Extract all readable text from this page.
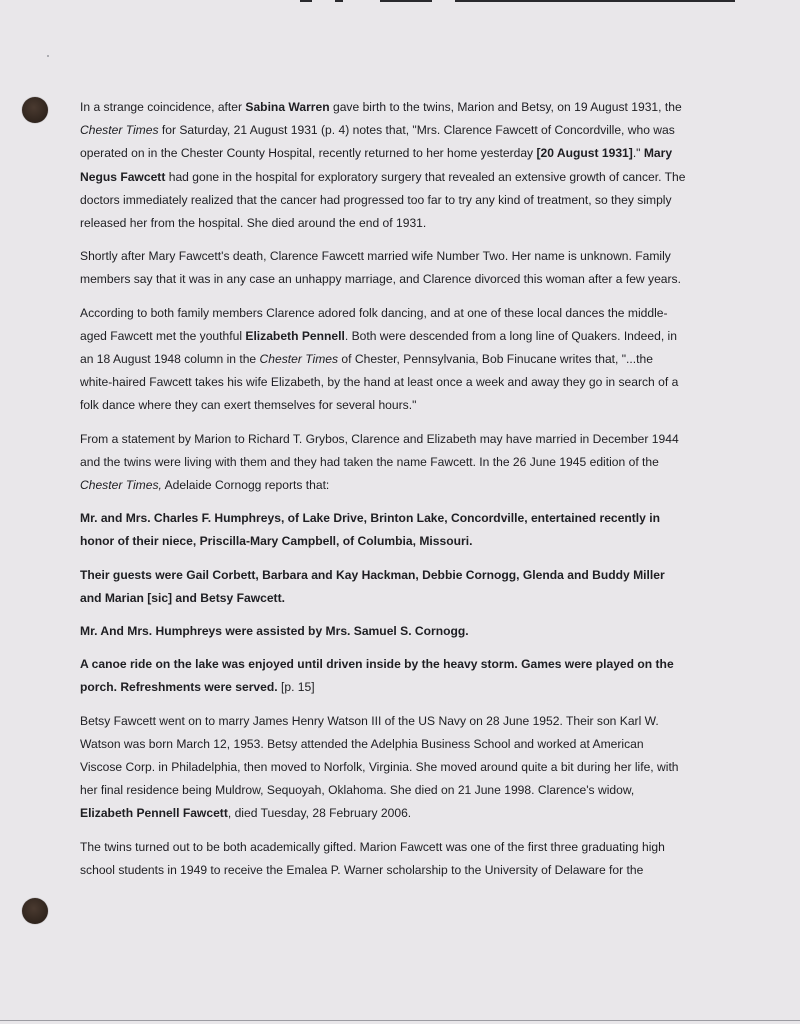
In a strange coincidence, after Sabina Warren gave birth to the twins, Marion and Betsy, on 19 August 1931, the Chester Times for Saturday, 21 August 1931 (p. 4) notes that, "Mrs. Clarence Fawcett of Concordville, who was operated on in the Chester County Hospital, recently returned to her home yesterday [20 August 1931]." Mary Negus Fawcett had gone in the hospital for exploratory surgery that revealed an extensive growth of cancer. The doctors immediately realized that the cancer had progressed too far to try any kind of treatment, so they simply released her from the hospital. She died around the end of 1931.

Shortly after Mary Fawcett's death, Clarence Fawcett married wife Number Two. Her name is unknown. Family members say that it was in any case an unhappy marriage, and Clarence divorced this woman after a few years.

According to both family members Clarence adored folk dancing, and at one of these local dances the middle-aged Fawcett met the youthful Elizabeth Pennell. Both were descended from a long line of Quakers. Indeed, in an 18 August 1948 column in the Chester Times of Chester, Pennsylvania, Bob Finucane writes that, "...the white-haired Fawcett takes his wife Elizabeth, by the hand at least once a week and away they go in search of a folk dance where they can exert themselves for several hours."

From a statement by Marion to Richard T. Grybos, Clarence and Elizabeth may have married in December 1944 and the twins were living with them and they had taken the name Fawcett. In the 26 June 1945 edition of the Chester Times, Adelaide Cornogg reports that:

Mr. and Mrs. Charles F. Humphreys, of Lake Drive, Brinton Lake, Concordville, entertained recently in honor of their niece, Priscilla-Mary Campbell, of Columbia, Missouri.

Their guests were Gail Corbett, Barbara and Kay Hackman, Debbie Cornogg, Glenda and Buddy Miller and Marian [sic] and Betsy Fawcett.

Mr. And Mrs. Humphreys were assisted by Mrs. Samuel S. Cornogg.

A canoe ride on the lake was enjoyed until driven inside by the heavy storm. Games were played on the porch. Refreshments were served. [p. 15]

Betsy Fawcett went on to marry James Henry Watson III of the US Navy on 28 June 1952. Their son Karl W. Watson was born March 12, 1953. Betsy attended the Adelphia Business School and worked at American Viscose Corp. in Philadelphia, then moved to Norfolk, Virginia. She moved around quite a bit during her life, with her final residence being Muldrow, Sequoyah, Oklahoma. She died on 21 June 1998. Clarence's widow, Elizabeth Pennell Fawcett, died Tuesday, 28 February 2006.

The twins turned out to be both academically gifted. Marion Fawcett was one of the first three graduating high school students in 1949 to receive the Emalea P. Warner scholarship to the University of Delaware for the
